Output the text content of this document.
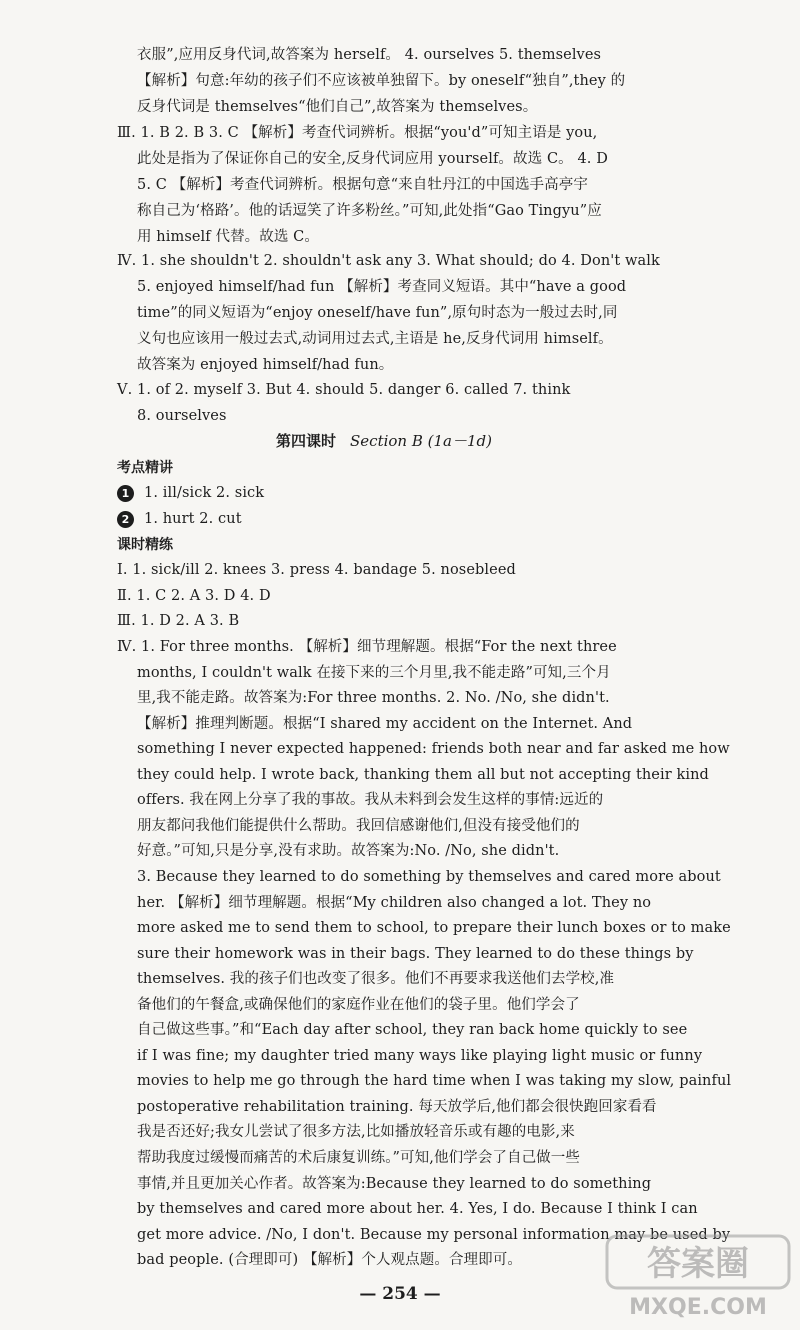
衣服”,应用反身代词,故答案为 herself。 4. ourselves 5. themselves
【解析】句意:年幼的孩子们不应该被单独留下。by oneself“独自”,they 的
反身代词是 themselves“他们自己”,故答案为 themselves。
Ⅲ. 1. B 2. B 3. C 【解析】考查代词辨析。根据“you'd”可知主语是 you,
此处是指为了保证你自己的安全,反身代词应用 yourself。故选 C。 4. D
5. C 【解析】考查代词辨析。根据句意“来自牡丹江的中国选手高亭宇
称自己为‘格路’。他的话逗笑了许多粉丝。”可知,此处指“Gao Tingyu”应
用 himself 代替。故选 C。
Ⅳ. 1. she shouldn't 2. shouldn't ask any 3. What should; do 4. Don't walk
5. enjoyed himself/had fun 【解析】考查同义短语。其中“have a good
time”的同义短语为“enjoy oneself/have fun”,原句时态为一般过去时,同
义句也应该用一般过去式,动词用过去式,主语是 he,反身代词用 himself。
故答案为 enjoyed himself/had fun。
Ⅴ. 1. of 2. myself 3. But 4. should 5. danger 6. called 7. think
8. ourselves
第四课时 Section B (1a－1d)
考点精讲
1	1. ill/sick 2. sick
2	1. hurt 2. cut
课时精练
Ⅰ. 1. sick/ill 2. knees 3. press 4. bandage 5. nosebleed
Ⅱ. 1. C 2. A 3. D 4. D
Ⅲ. 1. D 2. A 3. B
Ⅳ. 1. For three months. 【解析】细节理解题。根据“For the next three
months, I couldn't walk 在接下来的三个月里,我不能走路”可知,三个月
里,我不能走路。故答案为:For three months. 2. No. /No, she didn't.
【解析】推理判断题。根据“I shared my accident on the Internet. And
something I never expected happened: friends both near and far asked me how
they could help. I wrote back, thanking them all but not accepting their kind
offers. 我在网上分享了我的事故。我从未料到会发生这样的事情:远近的
朋友都问我他们能提供什么帮助。我回信感谢他们,但没有接受他们的
好意。”可知,只是分享,没有求助。故答案为:No. /No, she didn't.
3. Because they learned to do something by themselves and cared more about
her. 【解析】细节理解题。根据“My children also changed a lot. They no
more asked me to send them to school, to prepare their lunch boxes or to make
sure their homework was in their bags. They learned to do these things by
themselves. 我的孩子们也改变了很多。他们不再要求我送他们去学校,准
备他们的午餐盒,或确保他们的家庭作业在他们的袋子里。他们学会了
自己做这些事。”和“Each day after school, they ran back home quickly to see
if I was fine; my daughter tried many ways like playing light music or funny
movies to help me go through the hard time when I was taking my slow, painful
postoperative rehabilitation training. 每天放学后,他们都会很快跑回家看看
我是否还好;我女儿尝试了很多方法,比如播放轻音乐或有趣的电影,来
帮助我度过缓慢而痛苦的术后康复训练。”可知,他们学会了自己做一些
事情,并且更加关心作者。故答案为:Because they learned to do something
by themselves and cared more about her. 4. Yes, I do. Because I think I can
get more advice. /No, I don't. Because my personal information may be used by
bad people. (合理即可) 【解析】个人观点题。合理即可。
— 254 —
答案圈
MXQE.COM
